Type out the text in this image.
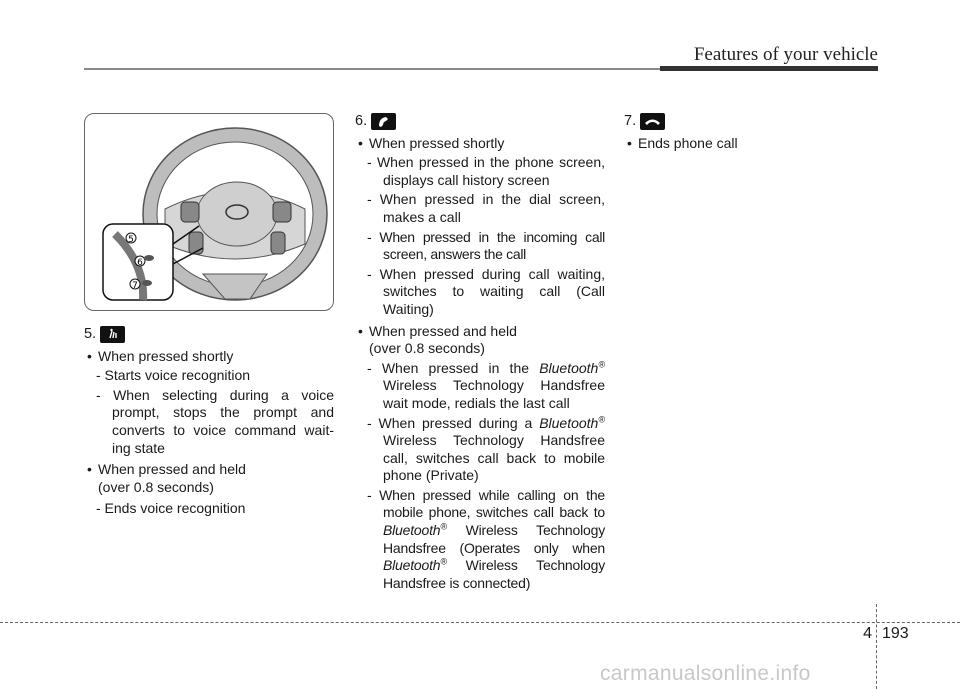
Features of your vehicle
5
6
7
5.
• When pressed shortly
- Starts voice recognition
- When selecting during a voice prompt, stops the prompt and converts to voice command wait-ing state
• When pressed and held
(over 0.8 seconds)
- Ends voice recognition
6.
• When pressed shortly
- When pressed in the phone screen, displays call history screen
- When pressed in the dial screen, makes a call
- When pressed in the incoming call screen, answers the call
- When pressed during call waiting, switches to waiting call (Call Waiting)
• When pressed and held
(over 0.8 seconds)
- When pressed in the Bluetooth® Wireless Technology Handsfree wait mode, redials the last call
- When pressed during a Bluetooth® Wireless Technology Handsfree call, switches call back to mobile phone (Private)
- When pressed while calling on the mobile phone, switches call back to Bluetooth® Wireless Technology Handsfree (Operates only when Bluetooth® Wireless Technology Handsfree is connected)
7.
• Ends phone call
4 193
carmanualsonline.info
